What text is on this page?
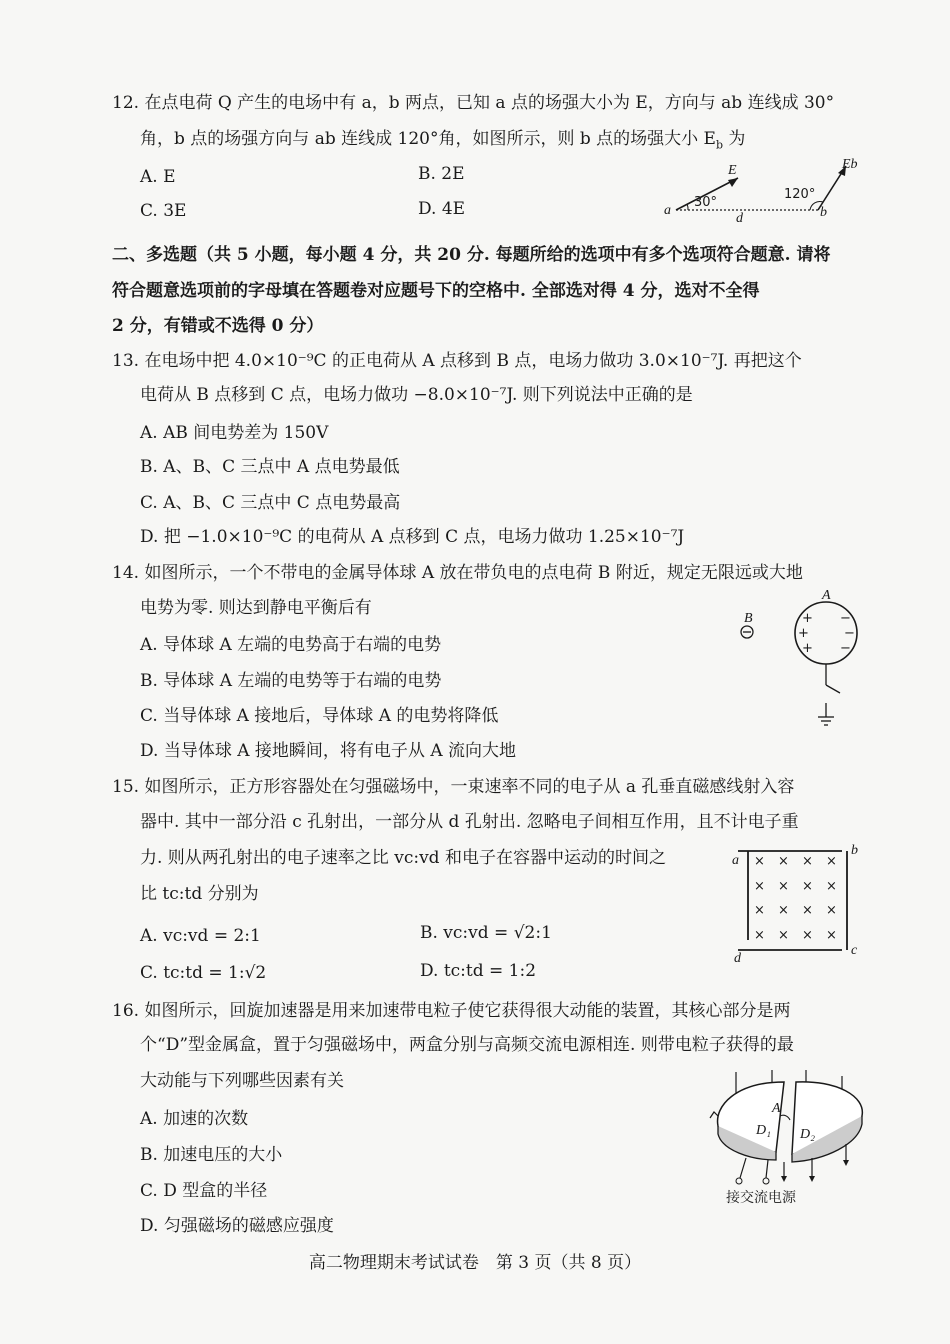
12. 在点电荷 Q 产生的电场中有 a，b 两点，已知 a 点的场强大小为 E，方向与 ab 连线成 30°
角，b 点的场强方向与 ab 连线成 120°角，如图所示，则 b 点的场强大小 $E_b$ 为
A. E	B. 2E
C. 3E	D. 4E	a	b
d
E	Eb
30°
120°
二、多选题（共 5 小题，每小题 4 分，共 20 分. 每题所给的选项中有多个选项符合题意. 请将
符合题意选项前的字母填在答题卷对应题号下的空格中. 全部选对得 4 分，选对不全得
2 分，有错或不选得 0 分）
13. 在电场中把 4.0×10⁻⁹C 的正电荷从 A 点移到 B 点，电场力做功 3.0×10⁻⁷J. 再把这个
电荷从 B 点移到 C 点，电场力做功 −8.0×10⁻⁷J. 则下列说法中正确的是
A. AB 间电势差为 150V
B. A、B、C 三点中 A 点电势最低
C. A、B、C 三点中 C 点电势最高
D. 把 −1.0×10⁻⁹C 的电荷从 A 点移到 C 点，电场力做功 1.25×10⁻⁷J
14. 如图所示，一个不带电的金属导体球 A 放在带负电的点电荷 B 附近，规定无限远或大地
电势为零. 则达到静电平衡后有
A. 导体球 A 左端的电势高于右端的电势
B. 导体球 A 左端的电势等于右端的电势
C. 当导体球 A 接地后，导体球 A 的电势将降低
D. 当导体球 A 接地瞬间，将有电子从 A 流向大地
B
A
+
+
+
−
−
−
15. 如图所示，正方形容器处在匀强磁场中，一束速率不同的电子从 a 孔垂直磁感线射入容
器中. 其中一部分沿 c 孔射出，一部分从 d 孔射出. 忽略电子间相互作用，且不计电子重
力. 则从两孔射出的电子速率之比 vc:vd 和电子在容器中运动的时间之
比 tc:td 分别为
A. vc:vd = 2:1	B. vc:vd = √2:1
C. tc:td = 1:√2	D. tc:td = 1:2
× × × ×
× × × ×
× × × ×
× × × ×
a
b
c
d
16. 如图所示，回旋加速器是用来加速带电粒子使它获得很大动能的装置，其核心部分是两
个“D”型金属盒，置于匀强磁场中，两盒分别与高频交流电源相连. 则带电粒子获得的最
大动能与下列哪些因素有关
A. 加速的次数
B. 加速电压的大小
C. D 型盒的半径
D. 匀强磁场的磁感应强度
A
D₁ D₂
接交流电源
高二物理期末考试试卷　第 3 页（共 8 页）
